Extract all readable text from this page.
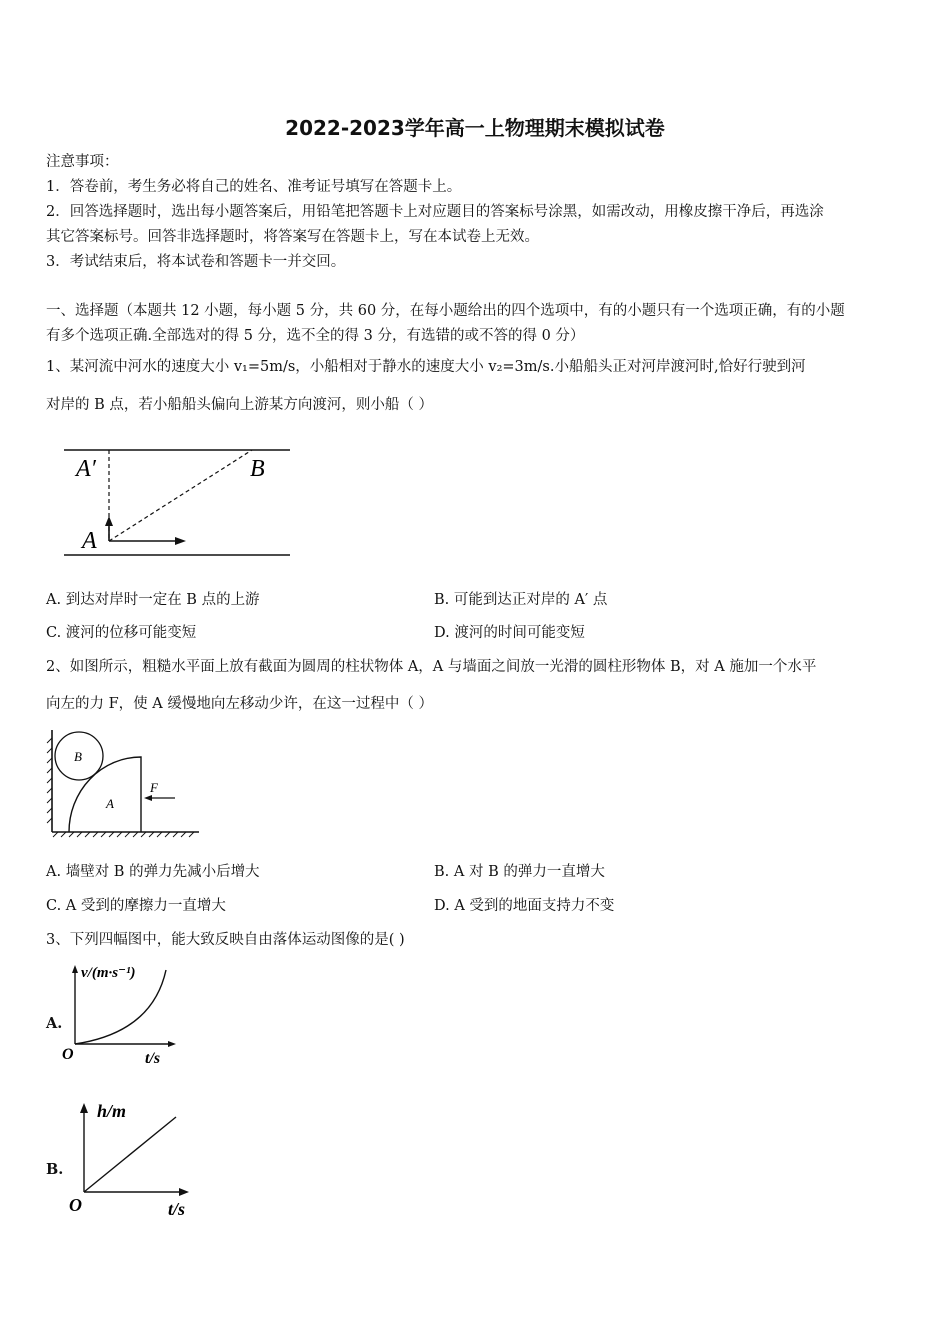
2022-2023学年高一上物理期末模拟试卷
注意事项：
1．答卷前，考生务必将自己的姓名、准考证号填写在答题卡上。
2．回答选择题时，选出每小题答案后，用铅笔把答题卡上对应题目的答案标号涂黑，如需改动，用橡皮擦干净后，再选涂
其它答案标号。回答非选择题时，将答案写在答题卡上，写在本试卷上无效。
3．考试结束后，将本试卷和答题卡一并交回。
一、选择题（本题共 12 小题，每小题 5 分，共 60 分，在每小题给出的四个选项中，有的小题只有一个选项正确，有的小题
有多个选项正确.全部选对的得 5 分，选不全的得 3 分，有选错的或不答的得 0 分）
1、某河流中河水的速度大小 v₁=5m/s，小船相对于静水的速度大小 v₂=3m/s.小船船头正对河岸渡河时,恰好行驶到河
对岸的 B 点，若小船船头偏向上游某方向渡河，则小船（ ）
A′	B
A
A. 到达对岸时一定在 B 点的上游	B. 可能到达正对岸的 A′ 点
C. 渡河的位移可能变短	D. 渡河的时间可能变短
2、如图所示，粗糙水平面上放有截面为圆周的柱状物体 A，A 与墙面之间放一光滑的圆柱形物体 B，对 A 施加一个水平
向左的力 F，使 A 缓慢地向左移动少许，在这一过程中（ ）
B
A
F
A. 墙壁对 B 的弹力先减小后增大	B. A 对 B 的弹力一直增大
C. A 受到的摩擦力一直增大	D. A 受到的地面支持力不变
3、下列四幅图中，能大致反映自由落体运动图像的是( )
A.
v/(m·s⁻¹)
O	t/s
B.
h/m
O	t/s
